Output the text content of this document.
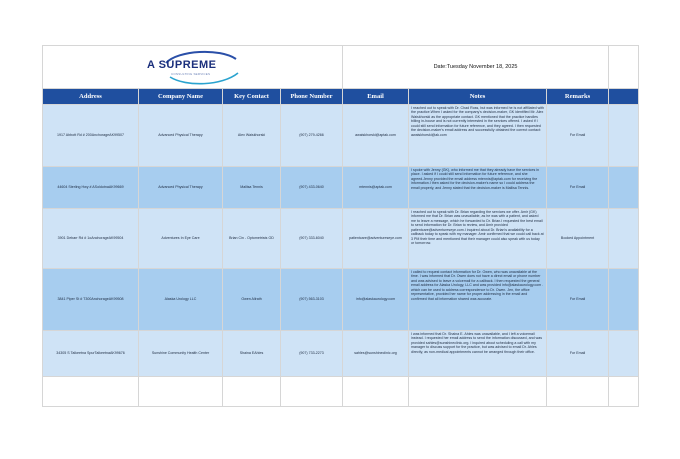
A SUPREME
CONSULTING SERVICES				Date:Tuesday November 18, 2025			
Address	Company Name	Key Contact	Phone Number	Email	Notes	Remarks	
1917 Abbott Rd # 200AnchorageAK99507	Advanced Physical Therapy	Alex Waiskhorski	(907) 279-4266	awaiskhorski@aptak.com	I reached out to speak with Dr. Chad Ross, but was informed he is not affiliated with the practice.When I asked for the company's decision-maker, GK identified Mr. Alex Waiskhorski as the appropriate contact. GK mentioned that the practice handles billing in-house and is not currently interested in the services offered. I asked if I could still send information for future reference, and they agreed. I then requested the decision-maker's email address and successfully obtained the correct contact: awaiskhorski@ak.com	For Email	
44604 Sterling Hwy # ASoldotnaAK99669	Advanced Physical Therapy	Mallisa Tennis	(907) 433-0640	mtennis@aptak.com	I spoke with Jenny (GK), who informed me that they already have the services in place. I asked if I could still send information for future reference, and she agreed.Jenny provided the email address mtennis@aptak.com for receiving the information.I then asked for the decision-maker's name so I could address the email properly, and Jenny stated that the decision-maker is Mallisa Tennis.	For Email	
3901 Debarr Rd # 1oAnchorageAK99504	Adventures In Eye Care	Brian Cin - Optometrists OD	(907) 333-6040	patientcare@adventureseye.com	I reached out to speak with Dr. Brian regarding the services we offer. Amir (GK) informed me that Dr. Brian was unavailable, as he was with a patient, and asked me to leave a message, which he forwarded to Dr. Brian.I requested the best email to send information for Dr. Brian to review, and Amir provided patientcare@adventureseye.com.I inquired about Dr. Brian's availability for a callback today to speak with my manager. Amir confirmed that we could call back at 3 PM their time and mentioned that their manager could also speak with us today or tomorrow.	Booked Appointment	
3841 Piper St # T300AnchorageAK99508	Alaska Urology LLC	Owen Allrath	(907) 563-3103	info@alaskaurology.com	I called to request contact information for Dr. Owen, who was unavailable at the time. I was informed that Dr. Owen does not have a direct email or phone number and was advised to leave a voicemail for a callback. I then requested the general email address for Alaska Urology, LLC and was provided info@alaskaurology.com . which can be used to address correspondence to Dr. Owen. Jen, the office representative, provided her name for proper addressing in the email and confirmed that all information shared was accurate.	For Email	
34305 S Talkeetna SpurTalkeetnaAK99676	Sunshine Community Health Center	Shaina EAhles	(907) 733-2273	sahles@sunshineclinic.org	I was informed that Dr. Shaina E. Ahles was unavailable, and I left a voicemail instead. I requested her email address to send the information discussed, and was provided sahles@sunshineclinic.org. I inquired about scheduling a call with my manager to discuss support for the practice, but was advised to email Dr. Ahles directly, as non-medical appointments cannot be arranged through their office.	For Email	
